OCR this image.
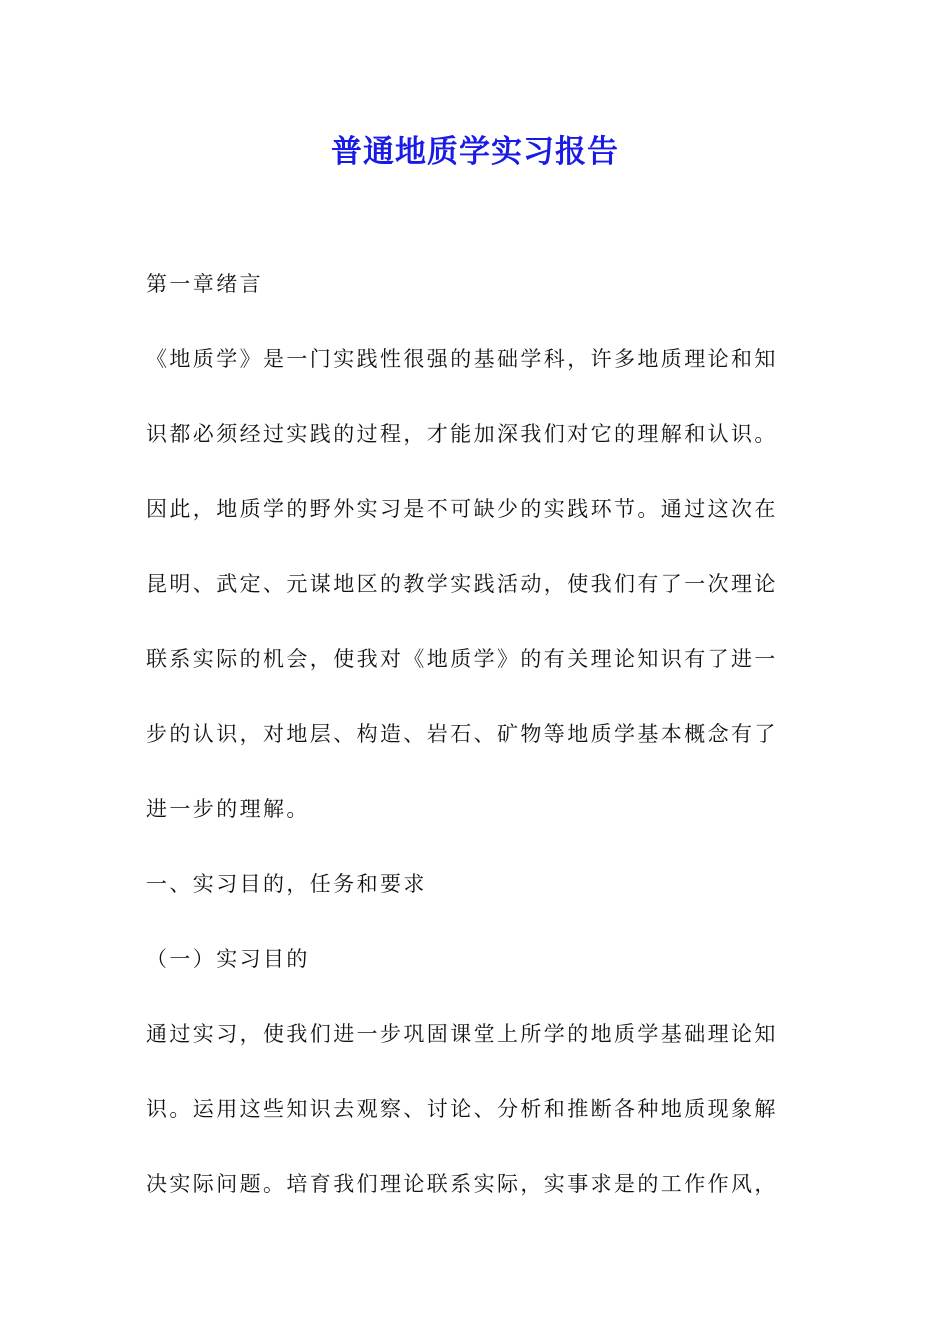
普通地质学实习报告
第一章绪言
《地质学》是一门实践性很强的基础学科，许多地质理论和知
识都必须经过实践的过程，才能加深我们对它的理解和认识。
因此，地质学的野外实习是不可缺少的实践环节。通过这次在
昆明、武定、元谋地区的教学实践活动，使我们有了一次理论
联系实际的机会，使我对《地质学》的有关理论知识有了进一
步的认识，对地层、构造、岩石、矿物等地质学基本概念有了
进一步的理解。
一、实习目的，任务和要求
（一）实习目的
通过实习，使我们进一步巩固课堂上所学的地质学基础理论知
识。运用这些知识去观察、讨论、分析和推断各种地质现象解
决实际问题。培育我们理论联系实际，实事求是的工作作风，
